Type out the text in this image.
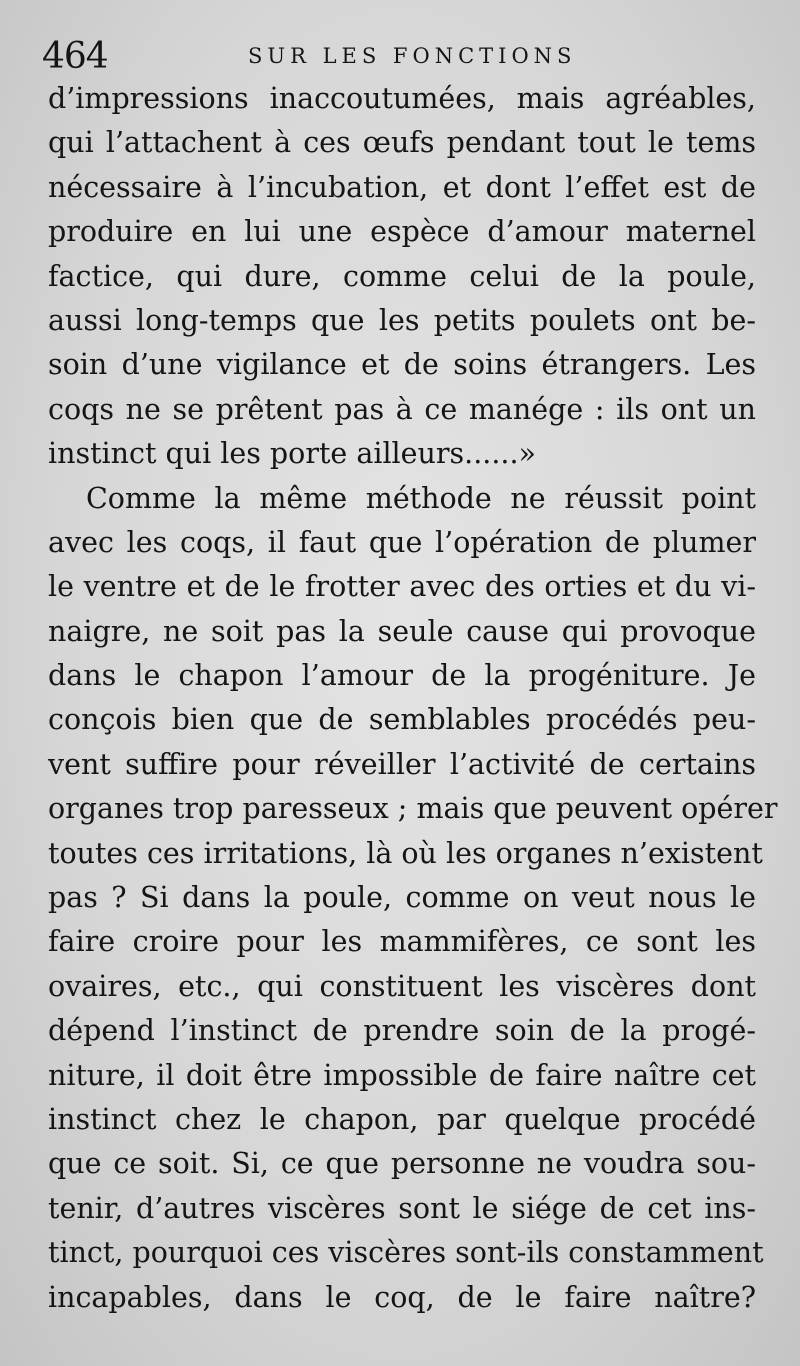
464	SUR LES FONCTIONS
d’impressions inaccoutumées, mais agréables,
qui l’attachent à ces œufs pendant tout le tems
nécessaire à l’incubation, et dont l’effet est de
produire en lui une espèce d’amour maternel
factice, qui dure, comme celui de la poule,
aussi long-temps que les petits poulets ont be-
soin d’une vigilance et de soins étrangers. Les
coqs ne se prêtent pas à ce manége : ils ont un
instinct qui les porte ailleurs......»
Comme la même méthode ne réussit point
avec les coqs, il faut que l’opération de plumer
le ventre et de le frotter avec des orties et du vi-
naigre, ne soit pas la seule cause qui provoque
dans le chapon l’amour de la progéniture. Je
conçois bien que de semblables procédés peu-
vent suffire pour réveiller l’activité de certains
organes trop paresseux ; mais que peuvent opérer
toutes ces irritations, là où les organes n’existent
pas ? Si dans la poule, comme on veut nous le
faire croire pour les mammifères, ce sont les
ovaires, etc., qui constituent les viscères dont
dépend l’instinct de prendre soin de la progé-
niture, il doit être impossible de faire naître cet
instinct chez le chapon, par quelque procédé
que ce soit. Si, ce que personne ne voudra sou-
tenir, d’autres viscères sont le siége de cet ins-
tinct, pourquoi ces viscères sont-ils constamment
incapables, dans le coq, de le faire naître?
